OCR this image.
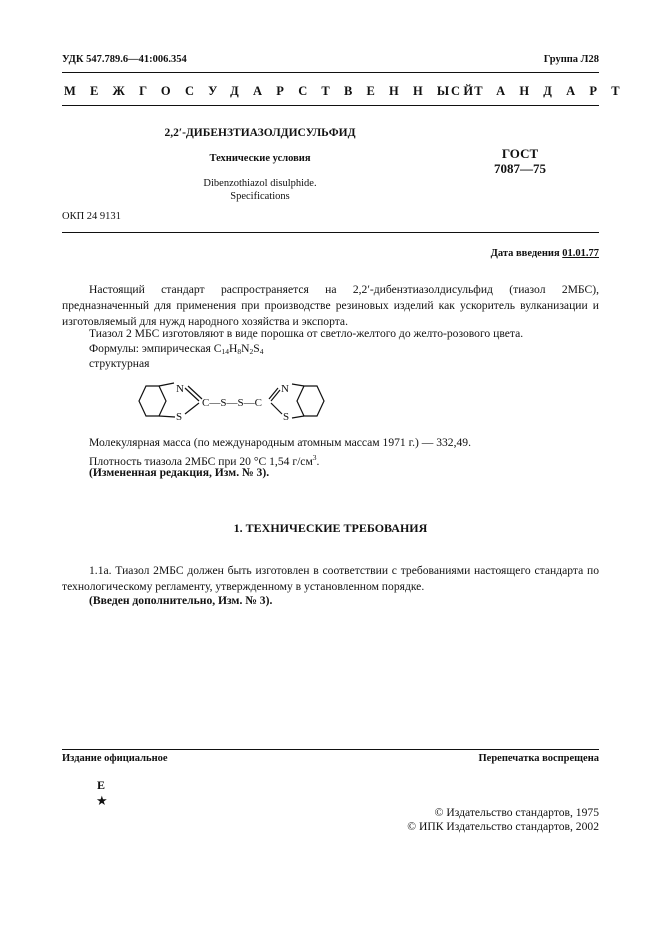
УДК 547.789.6—41:006.354	Группа Л28
МЕЖГОСУДАРСТВЕННЫЙ
СТАНДАРТ
2,2′-ДИБЕНЗТИАЗОЛДИСУЛЬФИД
Технические условия
Dibenzothiazol disulphide.
Specifications
ГОСТ
7087—75
ОКП 24 9131
Дата введения 01.01.77
Настоящий стандарт распространяется на 2,2′-дибензтиазолдисульфид (тиазол 2МБС), предназначенный для применения при производстве резиновых изделий как ускоритель вулканизации и изготовляемый для нужд народного хозяйства и экспорта.
Тиазол 2 МБС изготовляют в виде порошка от светло-желтого до желто-розового цвета.
Формулы: эмпирическая $C_{14}H_8N_2S_4$
структурная
N
S
C—S—S—C
N
S
Молекулярная масса (по международным атомным массам 1971 г.) — 332,49.
Плотность тиазола 2МБС при 20 °С 1,54 $г/см^3$.
(Измененная редакция, Изм. № 3).
1. ТЕХНИЧЕСКИЕ ТРЕБОВАНИЯ
1.1а. Тиазол 2МБС должен быть изготовлен в соответствии с требованиями настоящего стандарта по технологическому регламенту, утвержденному в установленном порядке.
(Введен дополнительно, Изм. № 3).
Издание официальное	Перепечатка воспрещена
Е
★
© Издательство стандартов, 1975
© ИПК Издательство стандартов, 2002
